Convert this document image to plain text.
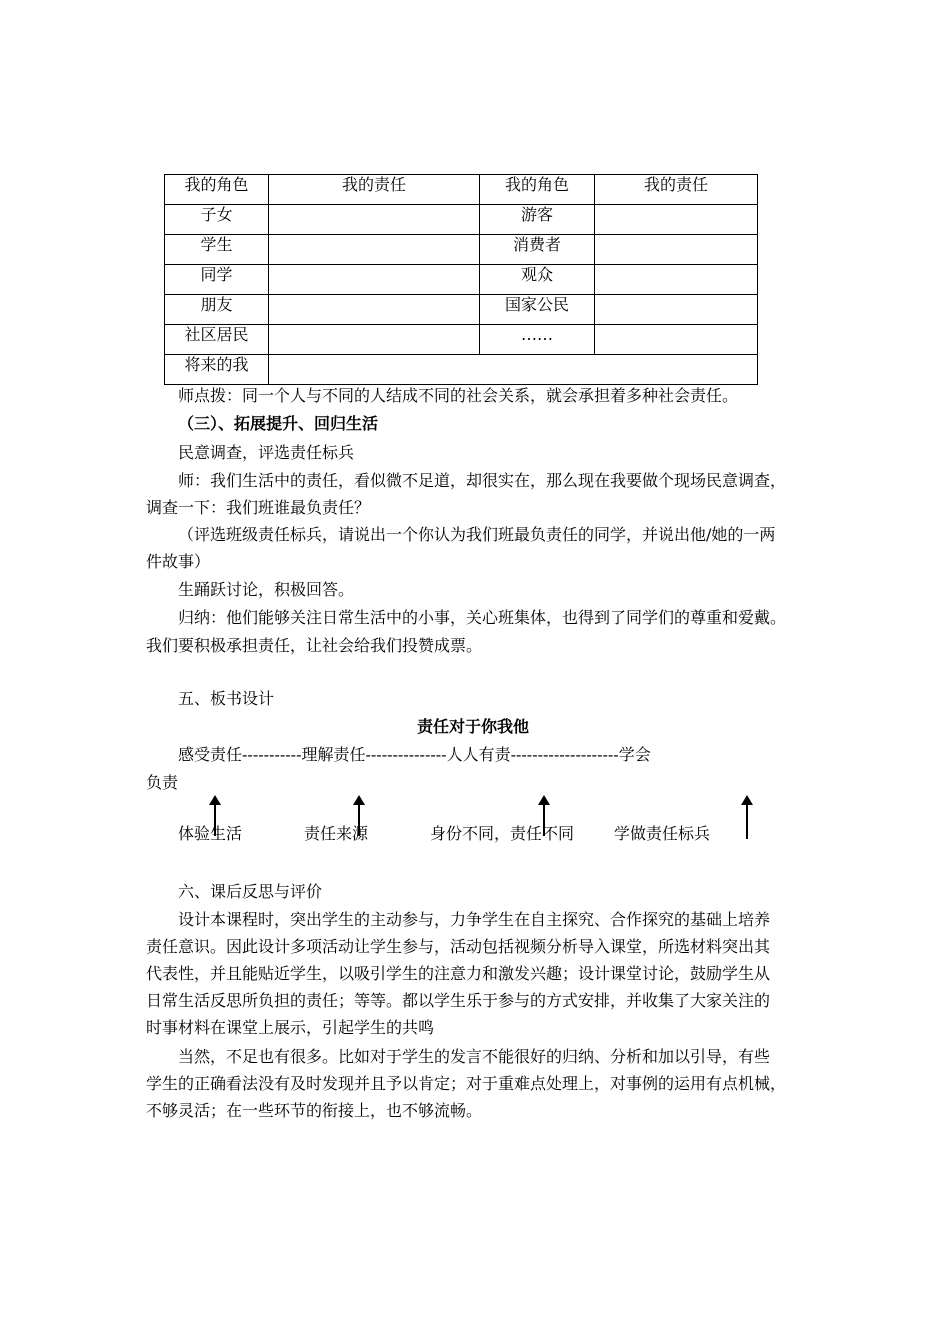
我的角色	我的责任	我的角色	我的责任
子女		游客	
学生		消费者	
同学		观众	
朋友		国家公民	
社区居民		……	
将来的我			
师点拨：同一个人与不同的人结成不同的社会关系，就会承担着多种社会责任。
（三）、拓展提升、回归生活
民意调查，评选责任标兵
师：我们生活中的责任，看似微不足道，却很实在，那么现在我要做个现场民意调查，
调查一下：我们班谁最负责任？
（评选班级责任标兵，请说出一个你认为我们班最负责任的同学，并说出他/她的一两
件故事）
生踊跃讨论，积极回答。
归纳：他们能够关注日常生活中的小事，关心班集体，也得到了同学们的尊重和爱戴。
我们要积极承担责任，让社会给我们投赞成票。
五、板书设计
责任对于你我他
感受责任-----------理解责任---------------人人有责--------------------学会
负责
体验生活	责任来源	身份不同，责任不同 学做责任标兵
六、课后反思与评价
设计本课程时，突出学生的主动参与，力争学生在自主探究、合作探究的基础上培养
责任意识。因此设计多项活动让学生参与，活动包括视频分析导入课堂，所选材料突出其
代表性，并且能贴近学生，以吸引学生的注意力和激发兴趣；设计课堂讨论，鼓励学生从
日常生活反思所负担的责任；等等。都以学生乐于参与的方式安排，并收集了大家关注的
时事材料在课堂上展示，引起学生的共鸣
当然，不足也有很多。比如对于学生的发言不能很好的归纳、分析和加以引导，有些
学生的正确看法没有及时发现并且予以肯定；对于重难点处理上，对事例的运用有点机械，
不够灵活；在一些环节的衔接上，也不够流畅。
